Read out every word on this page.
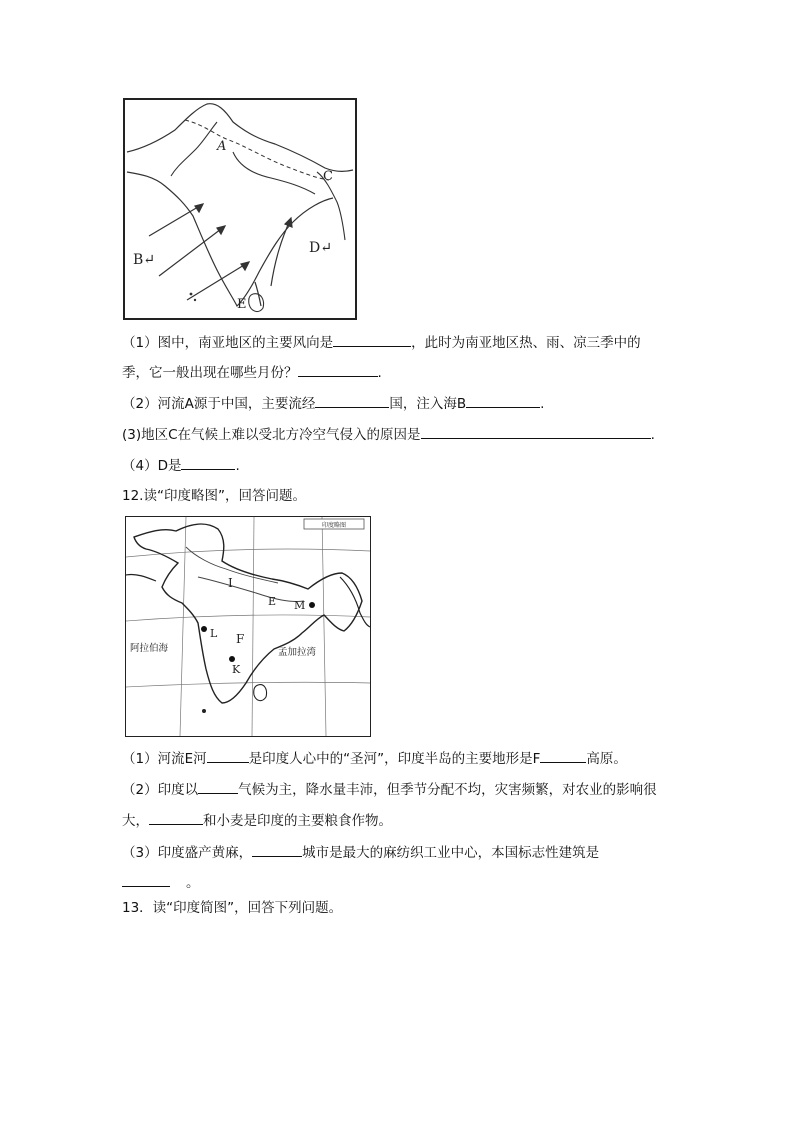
A
B↵
C
D↵
E
（1）图中，南亚地区的主要风向是	，此时为南亚地区热、雨、凉三季中的
季，它一般出现在哪些月份？	.
（2）河流A源于中国，主要流经	国，注入海B	.
(3)地区C在气候上难以受北方冷空气侵入的原因是	.
（4）D是	.
12.读“印度略图”，回答问题。
印度略图
I
E M
L F
K
阿拉伯海	孟加拉湾
（1）河流E河	是印度人心中的“圣河”，印度半岛的主要地形是F	高原。
（2）印度以	气候为主，降水量丰沛，但季节分配不均，灾害频繁，对农业的影响很
大，	和小麦是印度的主要粮食作物。
（3）印度盛产黄麻，	城市是最大的麻纺织工业中心，本国标志性建筑是
。
13．读“印度简图”，回答下列问题。
